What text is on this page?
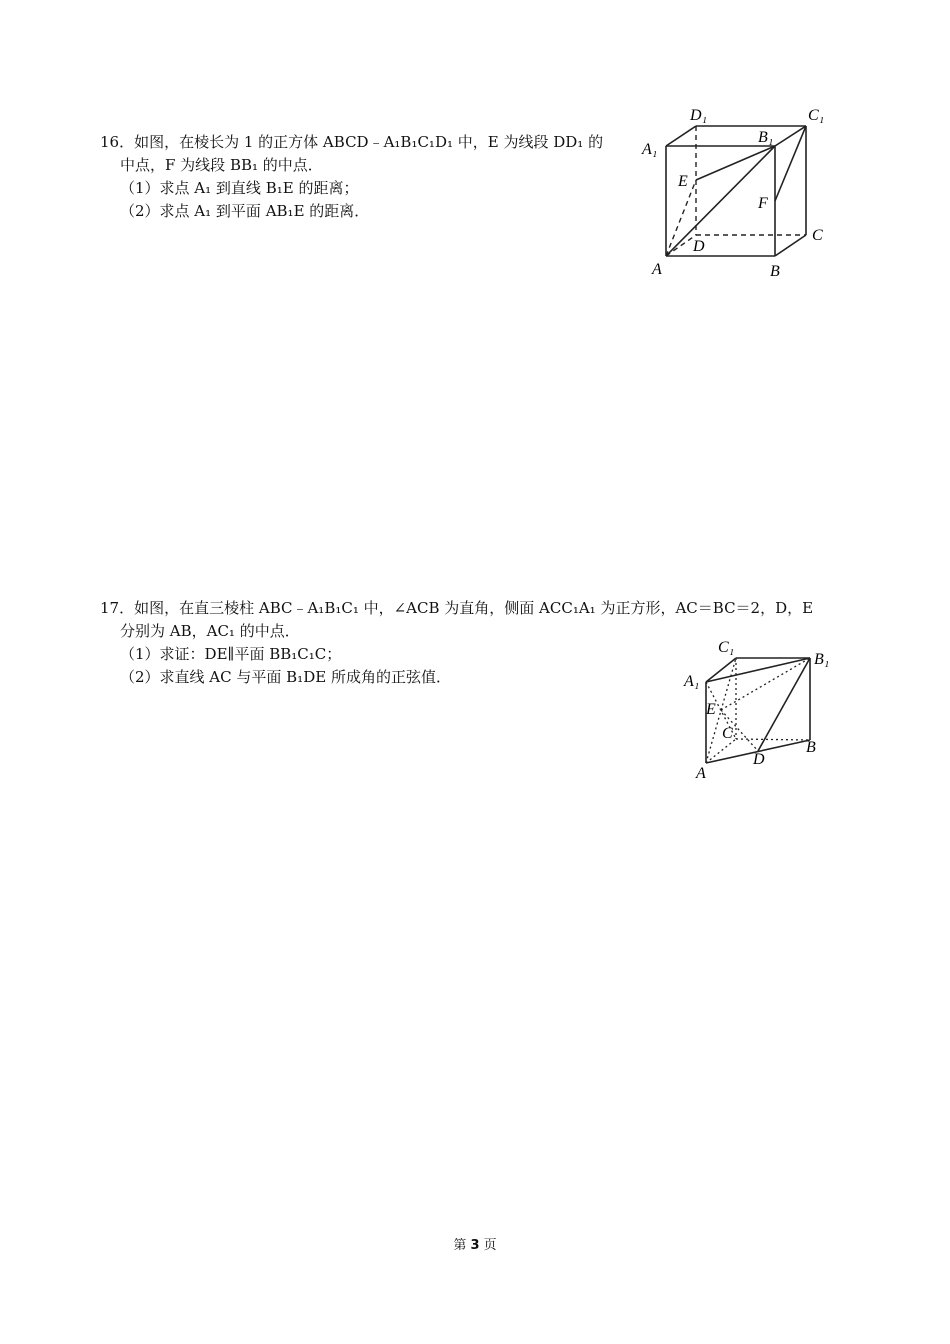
16．如图，在棱长为 1 的正方体 ABCD﹣A₁B₁C₁D₁ 中，E 为线段 DD₁ 的
中点，F 为线段 BB₁ 的中点．
（1）求点 A₁ 到直线 B₁E 的距离；
（2）求点 A₁ 到平面 AB₁E 的距离．
D₁	C₁
A₁
B₁
E
F
D
C
A	B
17．如图，在直三棱柱 ABC﹣A₁B₁C₁ 中，∠ACB 为直角，侧面 ACC₁A₁ 为正方形，AC＝BC＝2，D，E
分别为 AB，AC₁ 的中点．
（1）求证：DE∥平面 BB₁C₁C；
（2）求直线 AC 与平面 B₁DE 所成角的正弦值．
C₁
B₁
A₁
E
C
B
D
A
第 3 页
